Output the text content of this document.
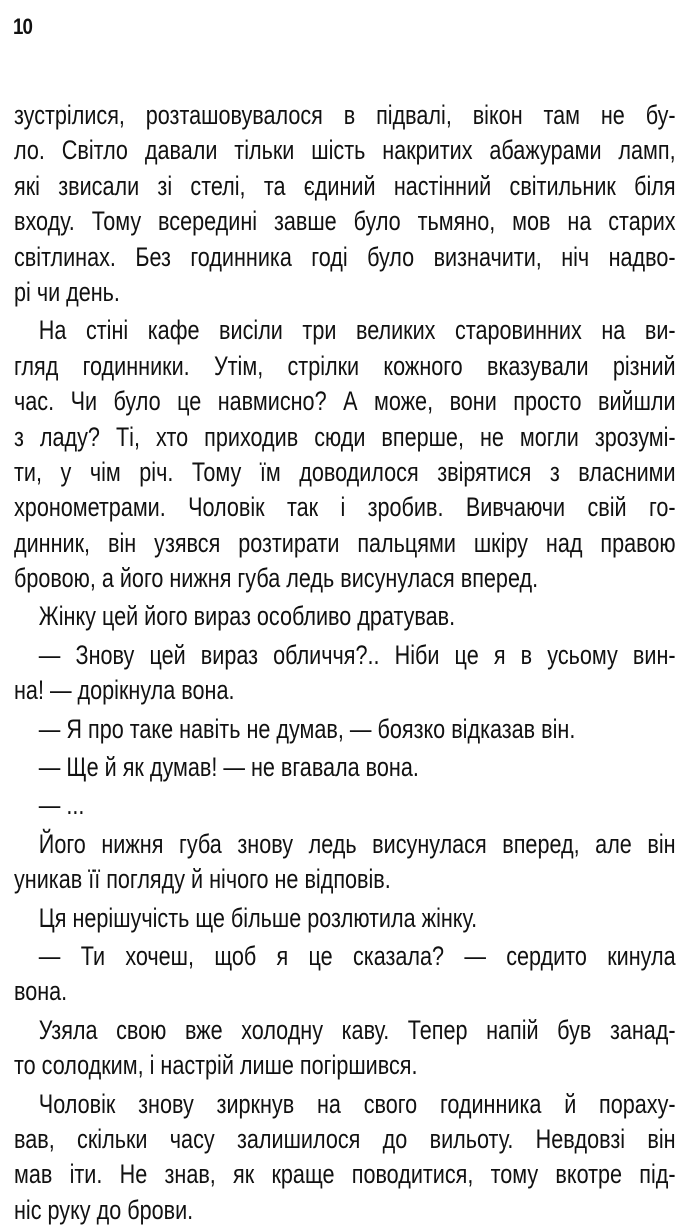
10
зустрілися, розташовувалося в підвалі, вікон там не бу-
ло. Світло давали тільки шість накритих абажурами ламп,
які звисали зі стелі, та єдиний настінний світильник біля
входу. Тому всередині завше було тьмяно, мов на старих
світлинах. Без годинника годі було визначити, ніч надво-
рі чи день.
На стіні кафе висіли три великих старовинних на ви-
гляд годинники. Утім, стрілки кожного вказували різний
час. Чи було це навмисно? А може, вони просто вийшли
з ладу? Ті, хто приходив сюди вперше, не могли зрозумі-
ти, у чім річ. Тому їм доводилося звірятися з власними
хронометрами. Чоловік так і зробив. Вивчаючи свій го-
динник, він узявся розтирати пальцями шкіру над правою
бровою, а його нижня губа ледь висунулася вперед.
Жінку цей його вираз особливо дратував.
— Знову цей вираз обличчя?.. Ніби це я в усьому вин-
на! — дорікнула вона.
— Я про таке навіть не думав, — боязко відказав він.
— Ще й як думав! — не вгавала вона.
— ...
Його нижня губа знову ледь висунулася вперед, але він
уникав її погляду й нічого не відповів.
Ця нерішучість ще більше розлютила жінку.
— Ти хочеш, щоб я це сказала? — сердито кинула
вона.
Узяла свою вже холодну каву. Тепер напій був занад-
то солодким, і настрій лише погіршився.
Чоловік знову зиркнув на свого годинника й пораху-
вав, скільки часу залишилося до вильоту. Невдовзі він
мав іти. Не знав, як краще поводитися, тому вкотре під-
ніс руку до брови.
